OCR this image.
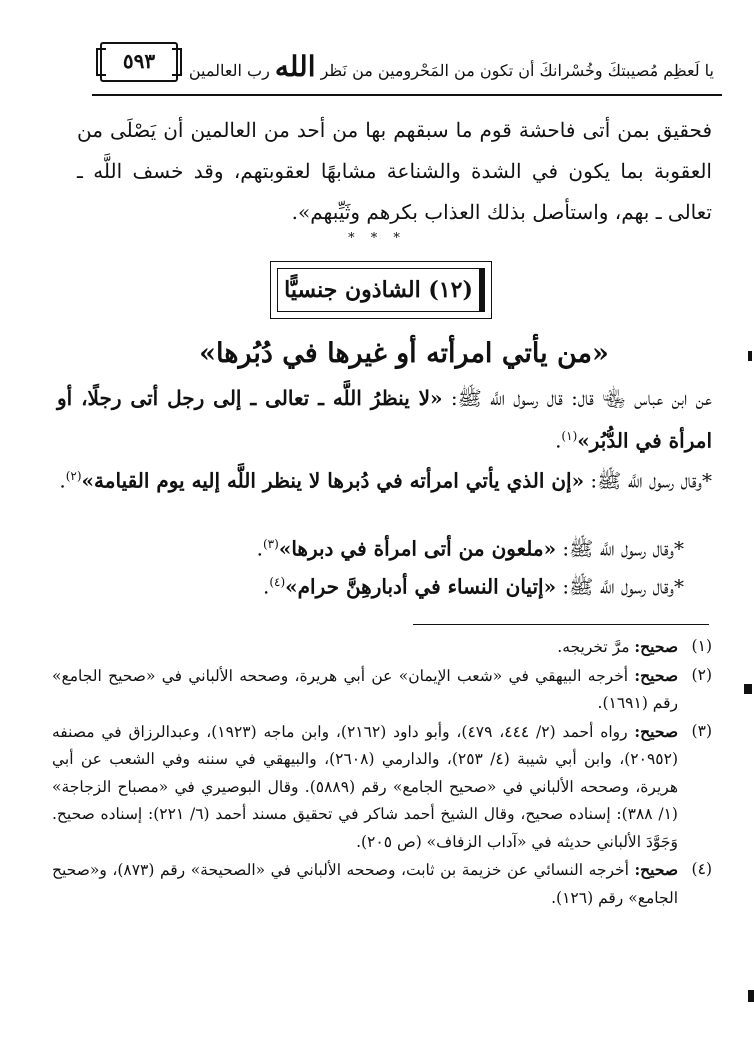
٥٩٣	يا لَعظِم مُصيبتكَ وخُسْرانكَ أن تكون من المَحْرومين من نَظر الله رب العالمين
فحقيق بمن أتى فاحشة قوم ما سبقهم بها من أحد من العالمين أن يَصْلَى من العقوبة بما يكون في الشدة والشناعة مشابهًا لعقوبتهم، وقد خسف اللَّه ـ تعالى ـ بهم، واستأصل بذلك العذاب بكرهم وثَيِّبهم».
* * *
(١٢) الشاذون جنسيًّا
«من يأتي امرأته أو غيرها في دُبُرها»
عن ابن عباس ﵄ قال: قال رسول اللَّه ﷺ: «لا ينظرُ اللَّه ـ تعالى ـ إلى رجل أتى رجلًا، أو امرأة في الدُّبُر»$^{(١)}$.
*وقال رسول اللَّه ﷺ: «إن الذي يأتي امرأته في دُبرها لا ينظر اللَّه إليه يوم القيامة»$^{(٢)}$.
*وقال رسول اللَّه ﷺ: «ملعون من أتى امرأة في دبرها»$^{(٣)}$.
*وقال رسول اللَّه ﷺ: «إتيان النساء في أدبارهِنَّ حرام»$^{(٤)}$.
(١)
صحيح: مرَّ تخريجه.
(٢)
صحيح: أخرجه البيهقي في «شعب الإيمان» عن أبي هريرة، وصححه الألباني في «صحيح الجامع» رقم (١٦٩١).
(٣)
صحيح: رواه أحمد (٢/ ٤٤٤، ٤٧٩)، وأبو داود (٢١٦٢)، وابن ماجه (١٩٢٣)، وعبدالرزاق في مصنفه (٢٠٩٥٢)، وابن أبي شيبة (٤/ ٢٥٣)، والدارمي (٢٦٠٨)، والبيهقي في سننه وفي الشعب عن أبي هريرة، وصححه الألباني في «صحيح الجامع» رقم (٥٨٨٩). وقال البوصيري في «مصباح الزجاجة» (١/ ٣٨٨): إسناده صحيح، وقال الشيخ أحمد شاكر في تحقيق مسند أحمد (٦/ ٢٢١): إسناده صحيح. وَجَوَّدَ الألباني حديثه في «آداب الزفاف» (ص ٢٠٥).
(٤)
صحيح: أخرجه النسائي عن خزيمة بن ثابت، وصححه الألباني في «الصحيحة» رقم (٨٧٣)، و«صحيح الجامع» رقم (١٢٦).
